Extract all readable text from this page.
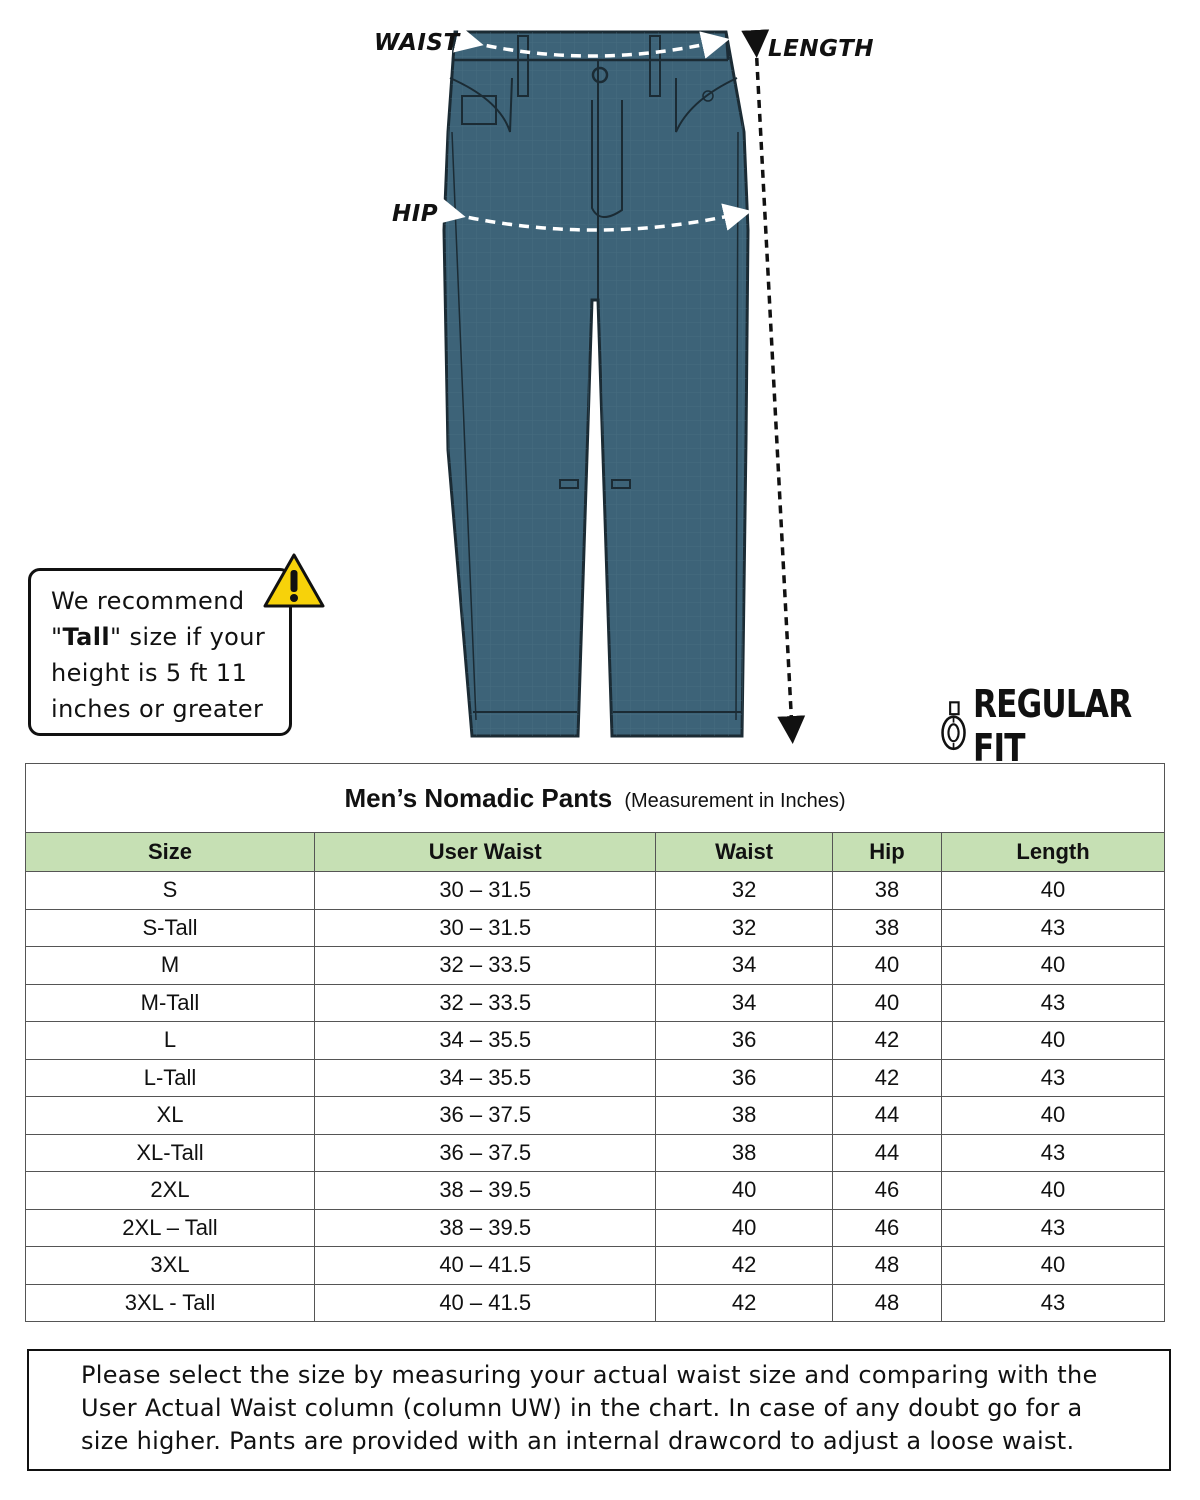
WAIST
HIP
LENGTH

We recommend

"Tall" size if your

height is 5 ft 11

inches or greater	REGULAR FIT
Men’s Nomadic Pants (Measurement in Inches)				
Size	User Waist	Waist	Hip	Length
S	30 – 31.5	32	38	40
S-Tall	30 – 31.5	32	38	43
M	32 – 33.5	34	40	40
M-Tall	32 – 33.5	34	40	43
L	34 – 35.5	36	42	40
L-Tall	34 – 35.5	36	42	43
XL	36 – 37.5	38	44	40
XL-Tall	36 – 37.5	38	44	43
2XL	38 – 39.5	40	46	40
2XL – Tall	38 – 39.5	40	46	43
3XL	40 – 41.5	42	48	40
3XL - Tall	40 – 41.5	42	48	43

Please select the size by measuring your actual waist size and comparing with the

User Actual Waist column (column UW) in the chart. In case of any doubt go for a

size higher. Pants are provided with an internal drawcord to adjust a loose waist.
